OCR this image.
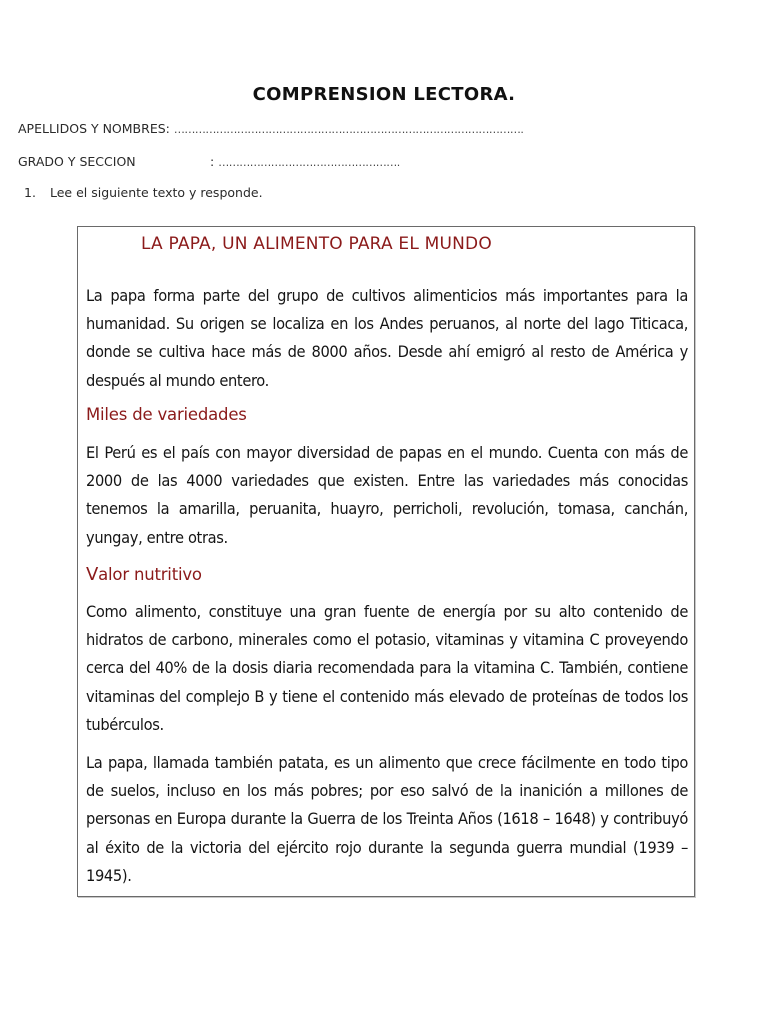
COMPRENSION LECTORA.
APELLIDOS Y NOMBRES: ……………………………………………………………………………………….
GRADO Y SECCION	: …………………………………………….
1. Lee el siguiente texto y responde.
LA PAPA, UN ALIMENTO PARA EL MUNDO

La papa forma parte del grupo de cultivos alimenticios más importantes para la humanidad. Su origen se localiza en los Andes peruanos, al norte del lago Titicaca, donde se cultiva hace más de 8000 años. Desde ahí emigró al resto de América y después al mundo entero.

Miles de variedades

El Perú es el país con mayor diversidad de papas en el mundo. Cuenta con más de 2000 de las 4000 variedades que existen. Entre las variedades más conocidas tenemos la amarilla, peruanita, huayro, perricholi, revolución, tomasa, canchán, yungay, entre otras.

Valor nutritivo

Como alimento, constituye una gran fuente de energía por su alto contenido de hidratos de carbono, minerales como el potasio, vitaminas y vitamina C proveyendo cerca del 40% de la dosis diaria recomendada para la vitamina C. También, contiene vitaminas del complejo B y tiene el contenido más elevado de proteínas de todos los tubérculos.

La papa, llamada también patata, es un alimento que crece fácilmente en todo tipo de suelos, incluso en los más pobres; por eso salvó de la inanición a millones de personas en Europa durante la Guerra de los Treinta Años (1618 – 1648) y contribuyó al éxito de la victoria del ejército rojo durante la segunda guerra mundial (1939 – 1945).
